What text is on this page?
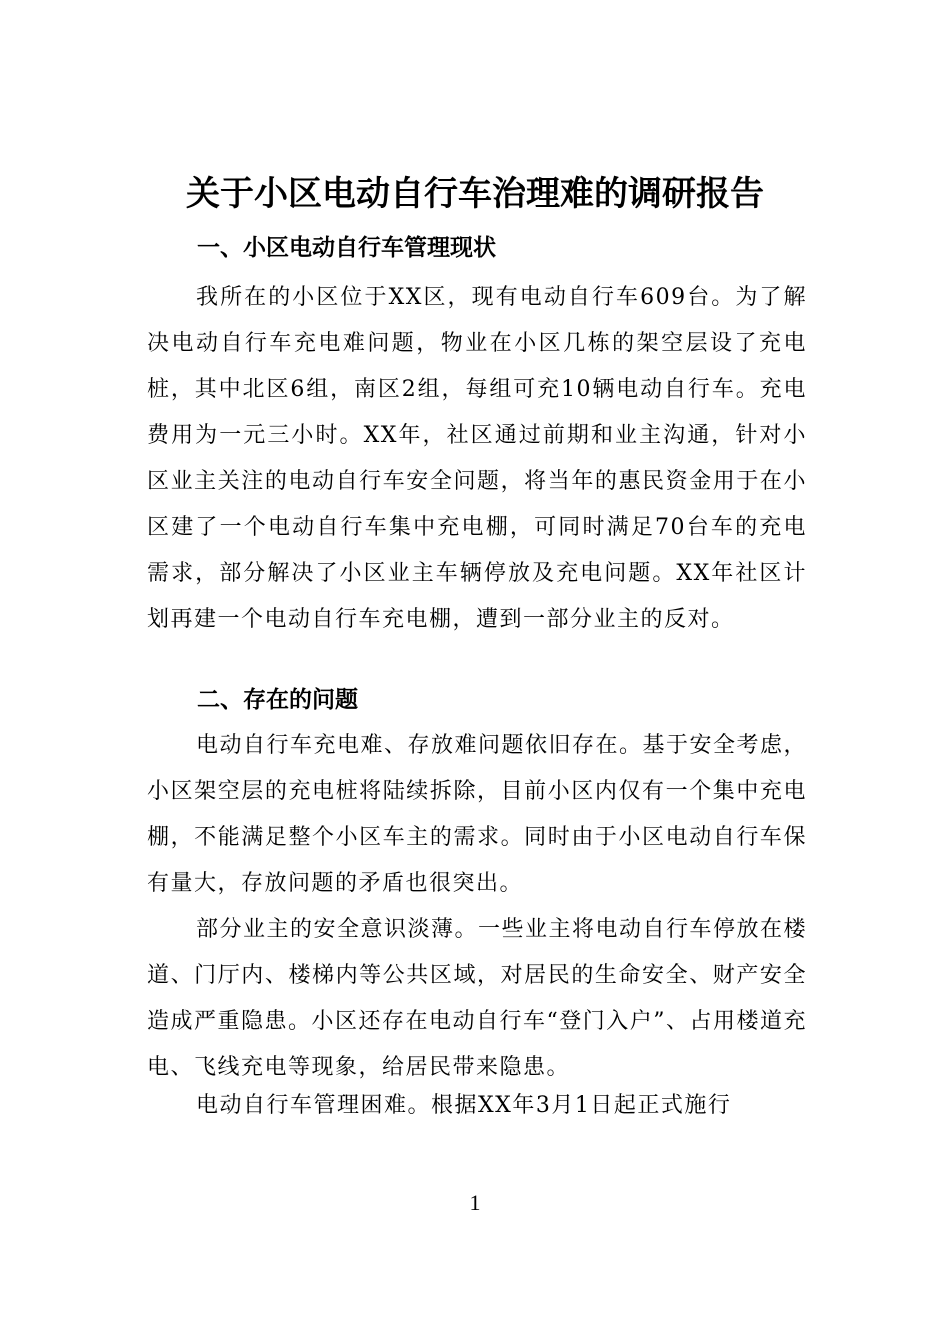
关于小区电动自行车治理难的调研报告
一、小区电动自行车管理现状

我所在的小区位于XX区，现有电动自行车609台。为了解决电动自行车充电难问题，物业在小区几栋的架空层设了充电桩，其中北区6组，南区2组，每组可充10辆电动自行车。充电费用为一元三小时。XX年，社区通过前期和业主沟通，针对小区业主关注的电动自行车安全问题，将当年的惠民资金用于在小区建了一个电动自行车集中充电棚，可同时满足70台车的充电需求，部分解决了小区业主车辆停放及充电问题。XX年社区计划再建一个电动自行车充电棚，遭到一部分业主的反对。

二、存在的问题

电动自行车充电难、存放难问题依旧存在。基于安全考虑，小区架空层的充电桩将陆续拆除，目前小区内仅有一个集中充电棚，不能满足整个小区车主的需求。同时由于小区电动自行车保有量大，存放问题的矛盾也很突出。

部分业主的安全意识淡薄。一些业主将电动自行车停放在楼道、门厅内、楼梯内等公共区域，对居民的生命安全、财产安全造成严重隐患。小区还存在电动自行车“登门入户”、占用楼道充电、飞线充电等现象，给居民带来隐患。

电动自行车管理困难。根据XX年3月1日起正式施行

1
